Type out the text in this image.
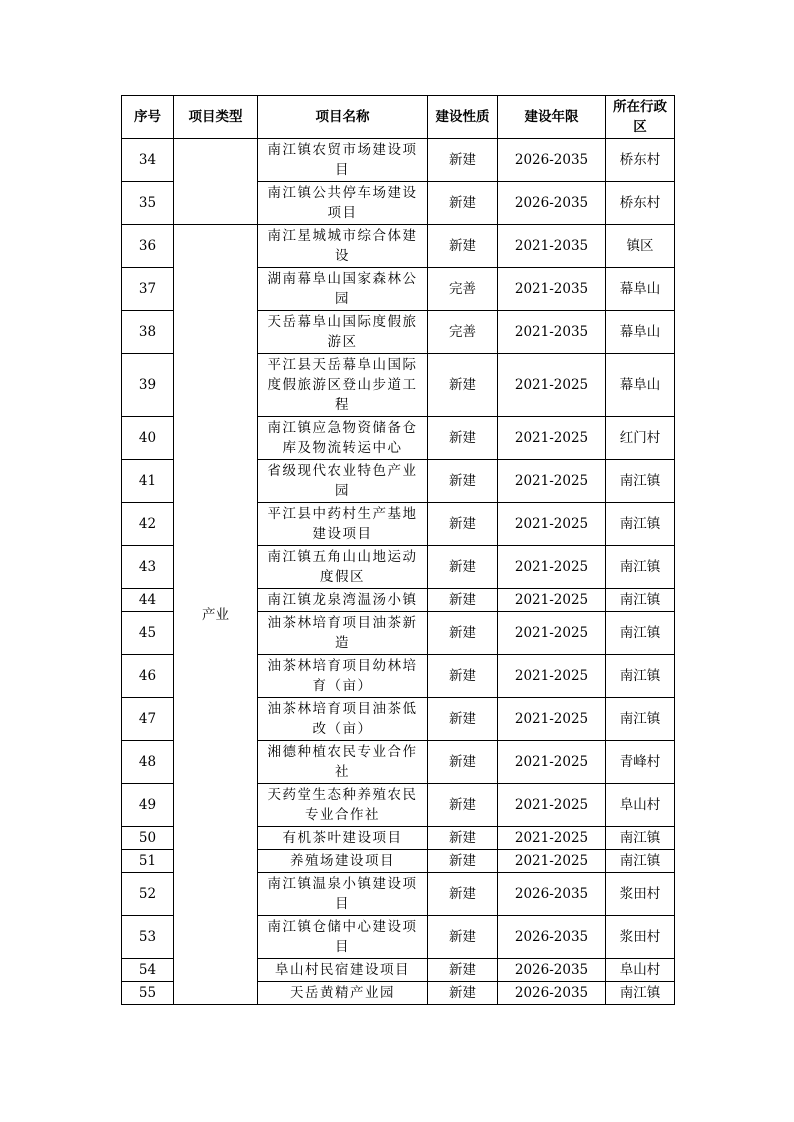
序号	项目类型	项目名称	建设性质	建设年限	所在行政区
34		南江镇农贸市场建设项目	新建	2026-2035	桥东村
35		南江镇公共停车场建设项目	新建	2026-2035	桥东村
36	产业	南江星城城市综合体建设	新建	2021-2035	镇区
37		湖南幕阜山国家森林公园	完善	2021-2035	幕阜山
38		天岳幕阜山国际度假旅游区	完善	2021-2035	幕阜山
39		平江县天岳幕阜山国际度假旅游区登山步道工程	新建	2021-2025	幕阜山
40		南江镇应急物资储备仓库及物流转运中心	新建	2021-2025	红门村
41		省级现代农业特色产业园	新建	2021-2025	南江镇
42		平江县中药村生产基地建设项目	新建	2021-2025	南江镇
43		南江镇五角山山地运动度假区	新建	2021-2025	南江镇
44		南江镇龙泉湾温汤小镇	新建	2021-2025	南江镇
45		油茶林培育项目油茶新造	新建	2021-2025	南江镇
46		油茶林培育项目幼林培育（亩）	新建	2021-2025	南江镇
47		油茶林培育项目油茶低改（亩）	新建	2021-2025	南江镇
48		湘德种植农民专业合作社	新建	2021-2025	青峰村
49		天药堂生态种养殖农民专业合作社	新建	2021-2025	阜山村
50		有机茶叶建设项目	新建	2021-2025	南江镇
51		养殖场建设项目	新建	2021-2025	南江镇
52		南江镇温泉小镇建设项目	新建	2026-2035	浆田村
53		南江镇仓储中心建设项目	新建	2026-2035	浆田村
54		阜山村民宿建设项目	新建	2026-2035	阜山村
55		天岳黄精产业园	新建	2026-2035	南江镇
